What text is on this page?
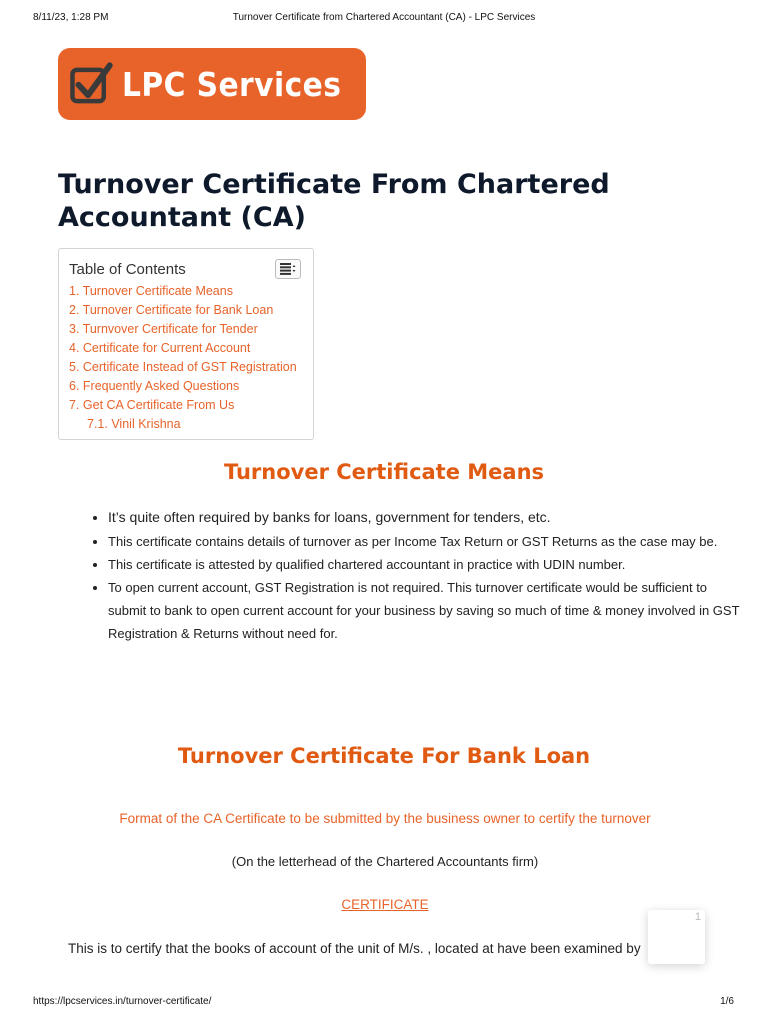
8/11/23, 1:28 PM	Turnover Certificate from Chartered Accountant (CA) - LPC Services
LPC Services
Turnover Certificate From Chartered Accountant (CA)
Table of Contents
1. Turnover Certificate Means
2. Turnover Certificate for Bank Loan
3. Turnvover Certificate for Tender
4. Certificate for Current Account
5. Certificate Instead of GST Registration
6. Frequently Asked Questions
7. Get CA Certificate From Us
7.1. Vinil Krishna
Turnover Certificate Means
• It’s quite often required by banks for loans, government for tenders, etc.
• This certificate contains details of turnover as per Income Tax Return or GST Returns as the case may be.
• This certificate is attested by qualified chartered accountant in practice with UDIN number.
• To open current account, GST Registration is not required. This turnover certificate would be sufficient to submit to bank to open current account for your business by saving so much of time & money involved in GST Registration & Returns without need for.
Turnover Certificate For Bank Loan
Format of the CA Certificate to be submitted by the business owner to certify the turnover
(On the letterhead of the Chartered Accountants firm)
CERTIFICATE
This is to certify that the books of account of the unit of M/s. , located at have been examined by
1
https://lpcservices.in/turnover-certificate/	1/6
